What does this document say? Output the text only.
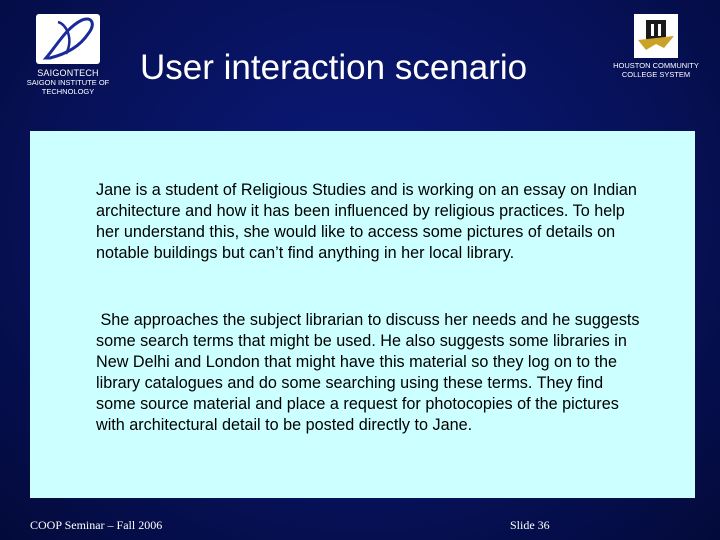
SAIGONTECH
SAIGON INSTITUTE OF
TECHNOLOGY
User interaction scenario	HOUSTON COMMUNITY
COLLEGE SYSTEM
Jane is a student of Religious Studies and is working on an essay on Indian architecture and how it has been influenced by religious practices. To help her understand this, she would like to access some pictures of details on notable buildings but can’t find anything in her local library.
She approaches the subject librarian to discuss her needs and he suggests some search terms that might be used. He also suggests some libraries in New Delhi and London that might have this material so they log on to the library catalogues and do some searching using these terms. They find some source material and place a request for photocopies of the pictures with architectural detail to be posted directly to Jane.
COOP Seminar – Fall 2006	Slide 36
